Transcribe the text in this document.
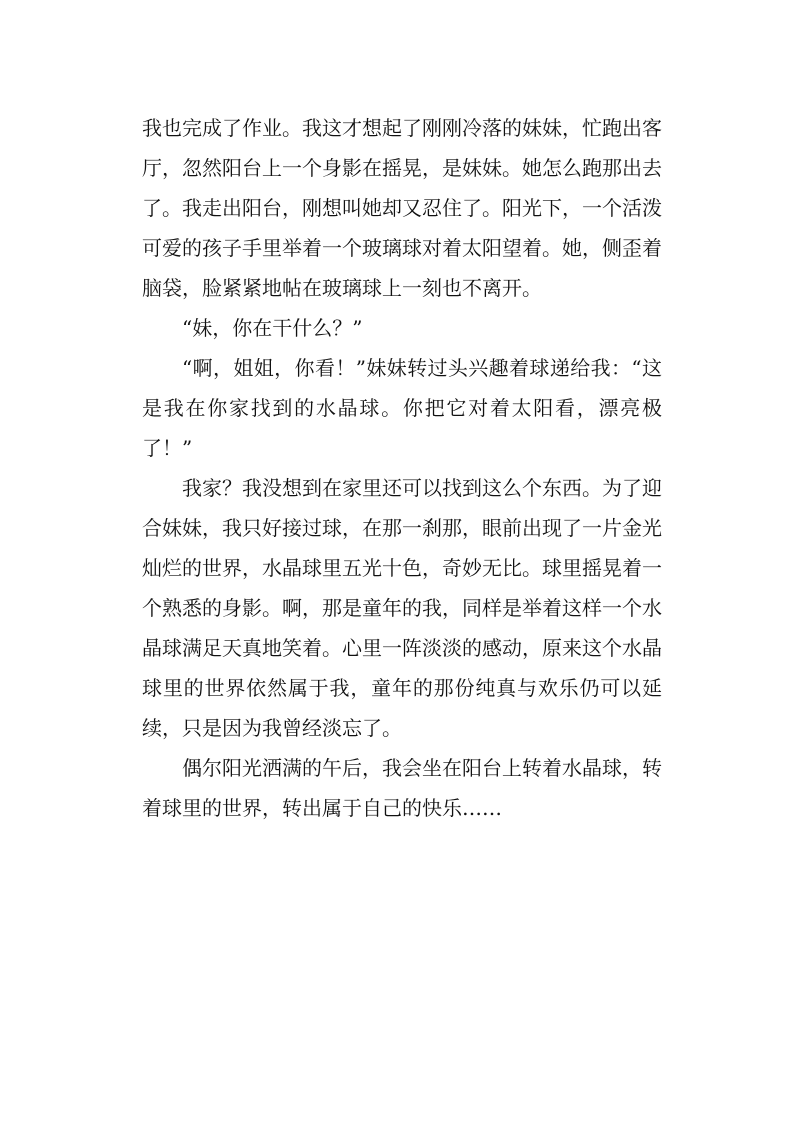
我也完成了作业。我这才想起了刚刚冷落的妹妹，忙跑出客厅，忽然阳台上一个身影在摇晃，是妹妹。她怎么跑那出去了。我走出阳台，刚想叫她却又忍住了。阳光下，一个活泼可爱的孩子手里举着一个玻璃球对着太阳望着。她，侧歪着脑袋，脸紧紧地帖在玻璃球上一刻也不离开。

“妹，你在干什么？”

“啊，姐姐，你看！”妹妹转过头兴趣着球递给我：“这是我在你家找到的水晶球。你把它对着太阳看，漂亮极了！”

我家？我没想到在家里还可以找到这么个东西。为了迎合妹妹，我只好接过球，在那一刹那，眼前出现了一片金光灿烂的世界，水晶球里五光十色，奇妙无比。球里摇晃着一个熟悉的身影。啊，那是童年的我，同样是举着这样一个水晶球满足天真地笑着。心里一阵淡淡的感动，原来这个水晶球里的世界依然属于我，童年的那份纯真与欢乐仍可以延续，只是因为我曾经淡忘了。

偶尔阳光洒满的午后，我会坐在阳台上转着水晶球，转着球里的世界，转出属于自己的快乐……
